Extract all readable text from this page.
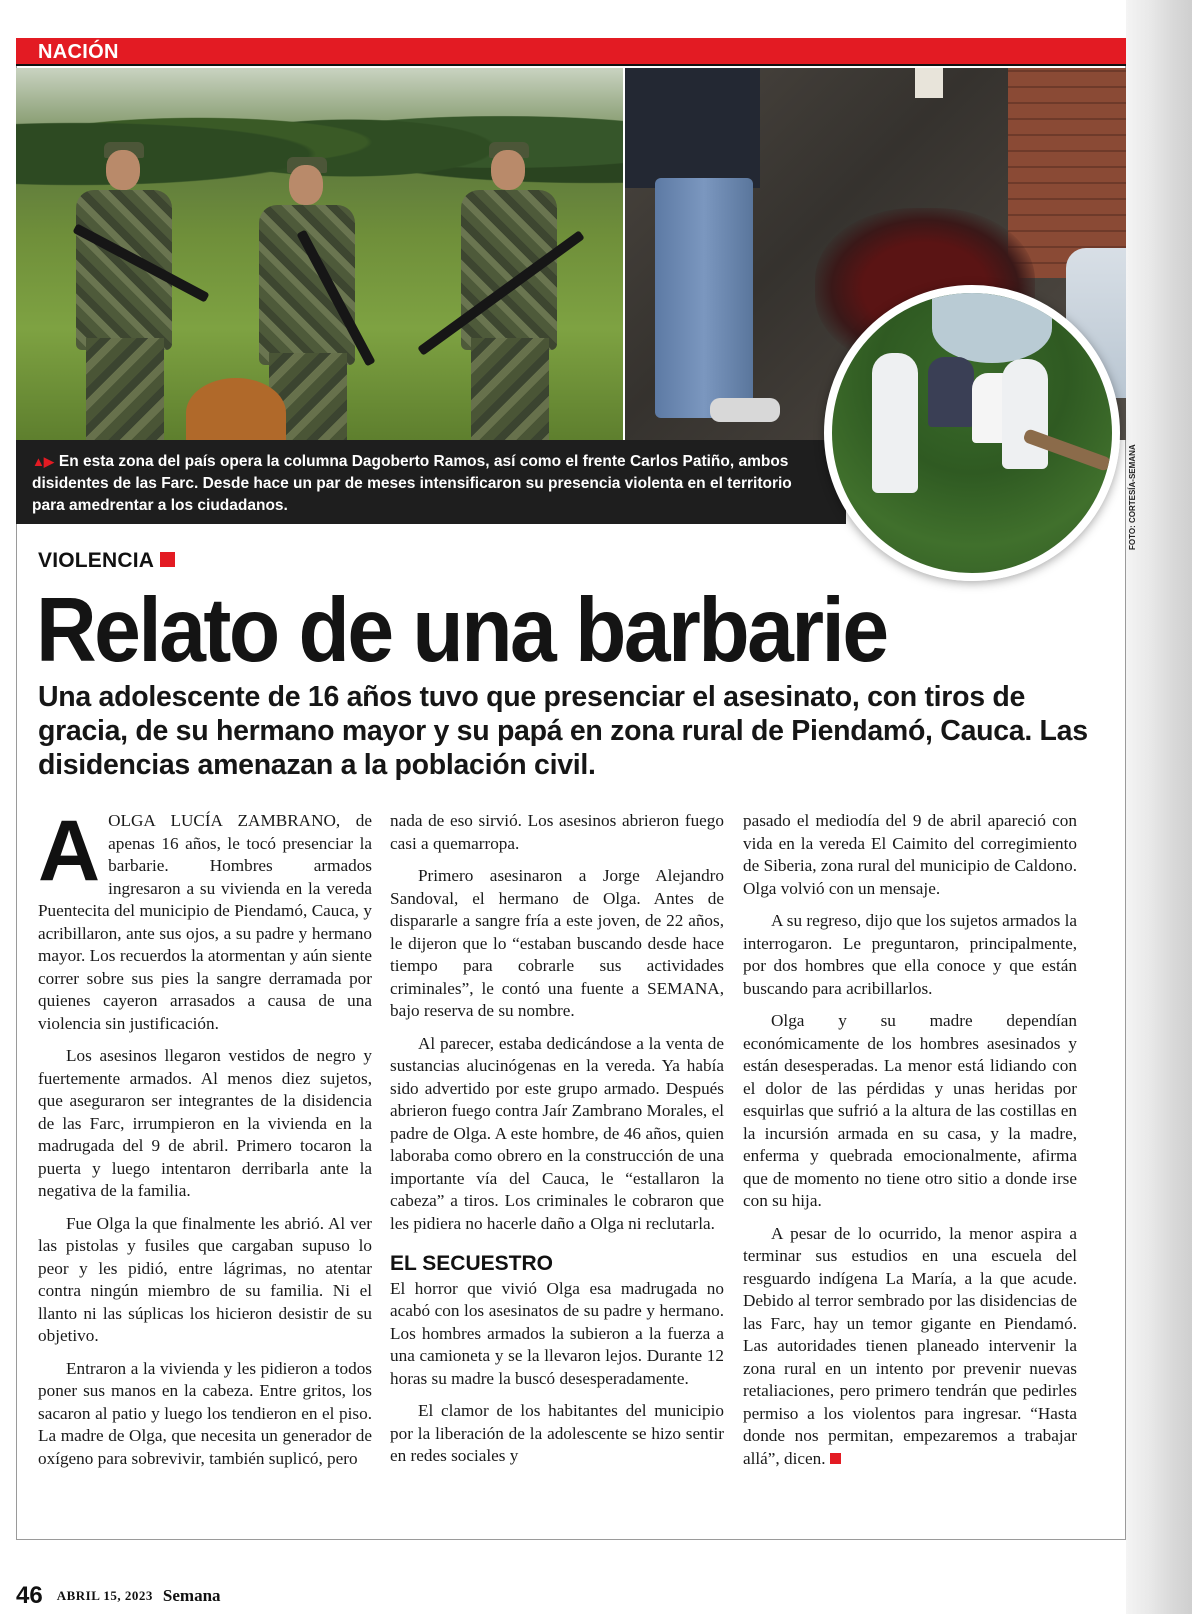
NACIÓN
▲▶ En esta zona del país opera la columna Dagoberto Ramos, así como el frente Carlos Patiño, ambos disidentes de las Farc. Desde hace un par de meses intensificaron su presencia violenta en el territorio para amedrentar a los ciudadanos.	FOTO: CORTESÍA-SEMANA
VIOLENCIA
Relato de una barbarie
Una adolescente de 16 años tuvo que presenciar el asesinato, con tiros de gracia, de su hermano mayor y su papá en zona rural de Piendamó, Cauca. Las disidencias amenazan a la población civil.
A OLGA LUCÍA ZAMBRANO, de apenas 16 años, le tocó presenciar la barbarie. Hombres armados ingresaron a su vivienda en la vereda Puentecita del municipio de Piendamó, Cauca, y acribillaron, ante sus ojos, a su padre y hermano mayor. Los recuerdos la atormentan y aún siente correr sobre sus pies la sangre derramada por quienes cayeron arrasados a causa de una violencia sin justificación.

Los asesinos llegaron vestidos de negro y fuertemente armados. Al menos diez sujetos, que aseguraron ser integrantes de la disidencia de las Farc, irrumpieron en la vivienda en la madrugada del 9 de abril. Primero tocaron la puerta y luego intentaron derribarla ante la negativa de la familia.

Fue Olga la que finalmente les abrió. Al ver las pistolas y fusiles que cargaban supuso lo peor y les pidió, entre lágrimas, no atentar contra ningún miembro de su familia. Ni el llanto ni las súplicas los hicieron desistir de su objetivo.

Entraron a la vivienda y les pidieron a todos poner sus manos en la cabeza. Entre gritos, los sacaron al patio y luego los tendieron en el piso. La madre de Olga, que necesita un generador de oxígeno para sobrevivir, también suplicó, pero

nada de eso sirvió. Los asesinos abrieron fuego casi a quemarropa.

Primero asesinaron a Jorge Alejandro Sandoval, el hermano de Olga. Antes de dispararle a sangre fría a este joven, de 22 años, le dijeron que lo “estaban buscando desde hace tiempo para cobrarle sus actividades criminales”, le contó una fuente a SEMANA, bajo reserva de su nombre.

Al parecer, estaba dedicándose a la venta de sustancias alucinógenas en la vereda. Ya había sido advertido por este grupo armado. Después abrieron fuego contra Jaír Zambrano Morales, el padre de Olga. A este hombre, de 46 años, quien laboraba como obrero en la construcción de una importante vía del Cauca, le “estallaron la cabeza” a tiros. Los criminales le cobraron que les pidiera no hacerle daño a Olga ni reclutarla.

EL SECUESTRO

El horror que vivió Olga esa madrugada no acabó con los asesinatos de su padre y hermano. Los hombres armados la subieron a la fuerza a una camioneta y se la llevaron lejos. Durante 12 horas su madre la buscó desesperadamente.

El clamor de los habitantes del municipio por la liberación de la adolescente se hizo sentir en redes sociales y

pasado el mediodía del 9 de abril apareció con vida en la vereda El Caimito del corregimiento de Siberia, zona rural del municipio de Caldono. Olga volvió con un mensaje.

A su regreso, dijo que los sujetos armados la interrogaron. Le preguntaron, principalmente, por dos hombres que ella conoce y que están buscando para acribillarlos.

Olga y su madre dependían económicamente de los hombres asesinados y están desesperadas. La menor está lidiando con el dolor de las pérdidas y unas heridas por esquirlas que sufrió a la altura de las costillas en la incursión armada en su casa, y la madre, enferma y quebrada emocionalmente, afirma que de momento no tiene otro sitio a donde irse con su hija.

A pesar de lo ocurrido, la menor aspira a terminar sus estudios en una escuela del resguardo indígena La María, a la que acude. Debido al terror sembrado por las disidencias de las Farc, hay un temor gigante en Piendamó. Las autoridades tienen planeado intervenir la zona rural en un intento por prevenir nuevas retaliaciones, pero primero tendrán que pedirles permiso a los violentos para ingresar. “Hasta donde nos permitan, empezaremos a trabajar allá”, dicen.

46 ABRIL 15, 2023 Semana
